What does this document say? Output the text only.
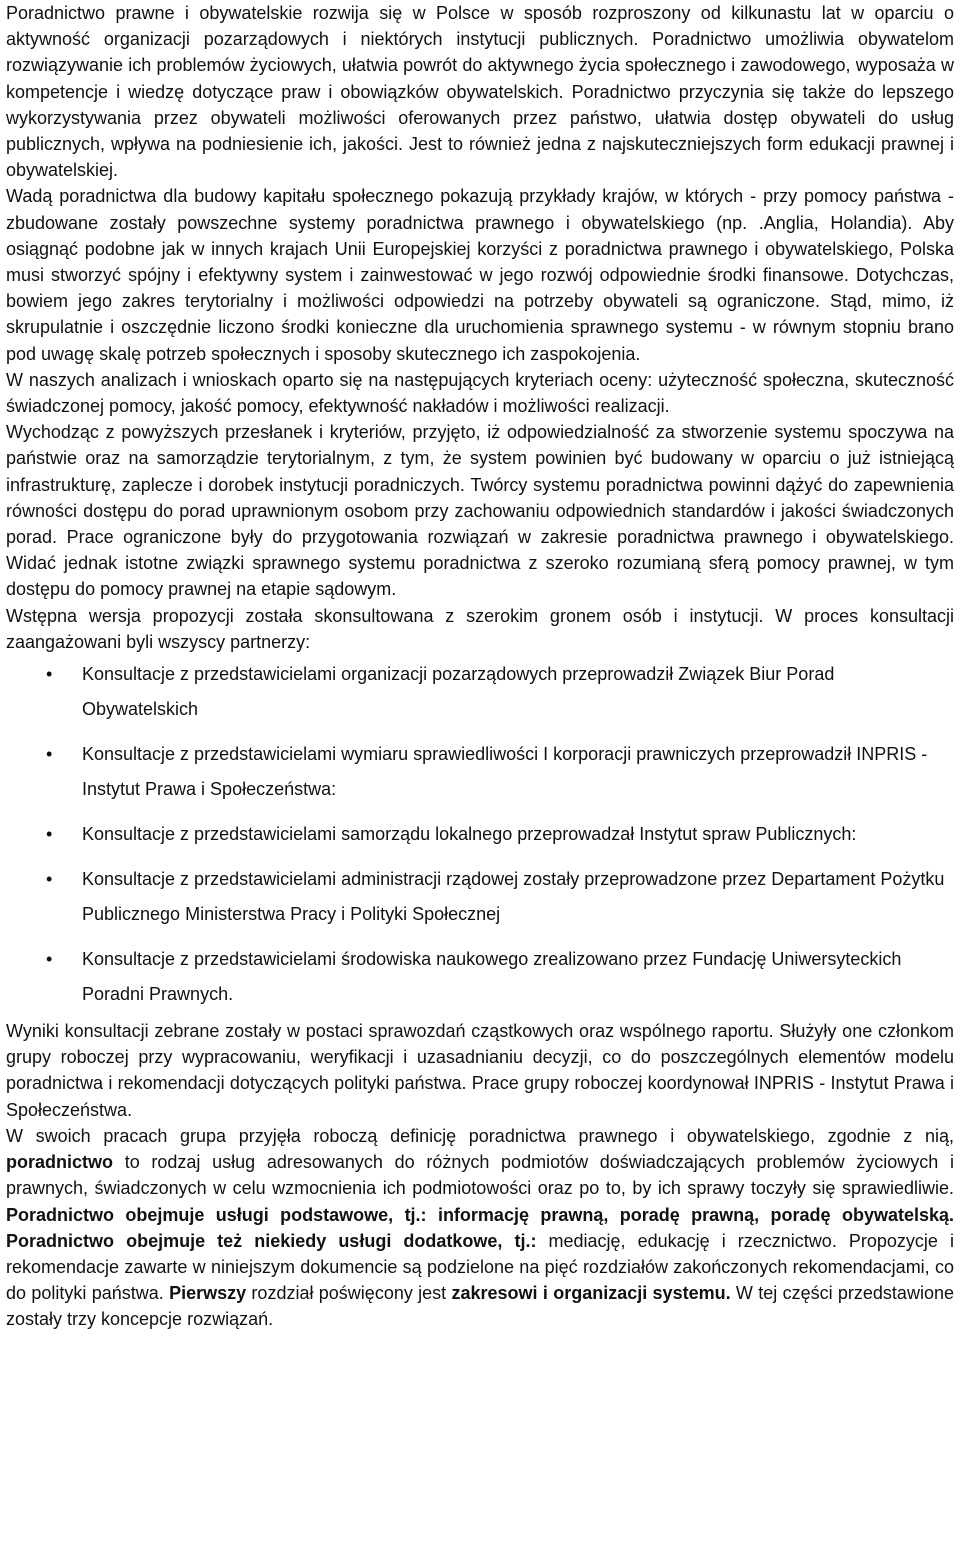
Poradnictwo prawne i obywatelskie rozwija się w Polsce w sposób rozproszony od kilkunastu lat w oparciu o aktywność organizacji pozarządowych i niektórych instytucji publicznych. Poradnictwo umożliwia obywatelom rozwiązywanie ich problemów życiowych, ułatwia powrót do aktywnego życia społecznego i zawodowego, wyposaża w kompetencje i wiedzę dotyczące praw i obowiązków obywatelskich. Poradnictwo przyczynia się także do lepszego wykorzystywania przez obywateli możliwości oferowanych przez państwo, ułatwia dostęp obywateli do usług publicznych, wpływa na podniesienie ich, jakości. Jest to również jedna z najskuteczniejszych form edukacji prawnej i obywatelskiej.

Wadą poradnictwa dla budowy kapitału społecznego pokazują przykłady krajów, w których - przy pomocy państwa - zbudowane zostały powszechne systemy poradnictwa prawnego i obywatelskiego (np. .Anglia, Holandia). Aby osiągnąć podobne jak w innych krajach Unii Europejskiej korzyści z poradnictwa prawnego i obywatelskiego, Polska musi stworzyć spójny i efektywny system i zainwestować w jego rozwój odpowiednie środki finansowe. Dotychczas, bowiem jego zakres terytorialny i możliwości odpowiedzi na potrzeby obywateli są ograniczone. Stąd, mimo, iż skrupulatnie i oszczędnie liczono środki konieczne dla uruchomienia sprawnego systemu - w równym stopniu brano pod uwagę skalę potrzeb społecznych i sposoby skutecznego ich zaspokojenia.

W naszych analizach i wnioskach oparto się na następujących kryteriach oceny: użyteczność społeczna, skuteczność świadczonej pomocy, jakość pomocy, efektywność nakładów i możliwości realizacji.

Wychodząc z powyższych przesłanek i kryteriów, przyjęto, iż odpowiedzialność za stworzenie systemu spoczywa na państwie oraz na samorządzie terytorialnym, z tym, że system powinien być budowany w oparciu o już istniejącą infrastrukturę, zaplecze i dorobek instytucji poradniczych. Twórcy systemu poradnictwa powinni dążyć do zapewnienia równości dostępu do porad uprawnionym osobom przy zachowaniu odpowiednich standardów i jakości świadczonych porad. Prace ograniczone były do przygotowania rozwiązań w zakresie poradnictwa prawnego i obywatelskiego. Widać jednak istotne związki sprawnego systemu poradnictwa z szeroko rozumianą sferą pomocy prawnej, w tym dostępu do pomocy prawnej na etapie sądowym.

Wstępna wersja propozycji została skonsultowana z szerokim gronem osób i instytucji. W proces konsultacji zaangażowani byli wszyscy partnerzy:

• Konsultacje z przedstawicielami organizacji pozarządowych przeprowadził Związek Biur Porad Obywatelskich
• Konsultacje z przedstawicielami wymiaru sprawiedliwości I korporacji prawniczych przeprowadził INPRIS - Instytut Prawa i Społeczeństwa:
• Konsultacje z przedstawicielami samorządu lokalnego przeprowadzał Instytut spraw Publicznych:
• Konsultacje z przedstawicielami administracji rządowej zostały przeprowadzone przez Departament Pożytku Publicznego Ministerstwa Pracy i Polityki Społecznej
• Konsultacje z przedstawicielami środowiska naukowego zrealizowano przez Fundację Uniwersyteckich Poradni Prawnych.

Wyniki konsultacji zebrane zostały w postaci sprawozdań cząstkowych oraz wspólnego raportu. Służyły one członkom grupy roboczej przy wypracowaniu, weryfikacji i uzasadnianiu decyzji, co do poszczególnych elementów modelu poradnictwa i rekomendacji dotyczących polityki państwa. Prace grupy roboczej koordynował INPRIS - Instytut Prawa i Społeczeństwa.

W swoich pracach grupa przyjęła roboczą definicję poradnictwa prawnego i obywatelskiego, zgodnie z nią, poradnictwo to rodzaj usług adresowanych do różnych podmiotów doświadczających problemów życiowych i prawnych, świadczonych w celu wzmocnienia ich podmiotowości oraz po to, by ich sprawy toczyły się sprawiedliwie. Poradnictwo obejmuje usługi podstawowe, tj.: informację prawną, poradę prawną, poradę obywatelską. Poradnictwo obejmuje też niekiedy usługi dodatkowe, tj.: mediację, edukację i rzecznictwo. Propozycje i rekomendacje zawarte w niniejszym dokumencie są podzielone na pięć rozdziałów zakończonych rekomendacjami, co do polityki państwa. Pierwszy rozdział poświęcony jest zakresowi i organizacji systemu. W tej części przedstawione zostały trzy koncepcje rozwiązań.
